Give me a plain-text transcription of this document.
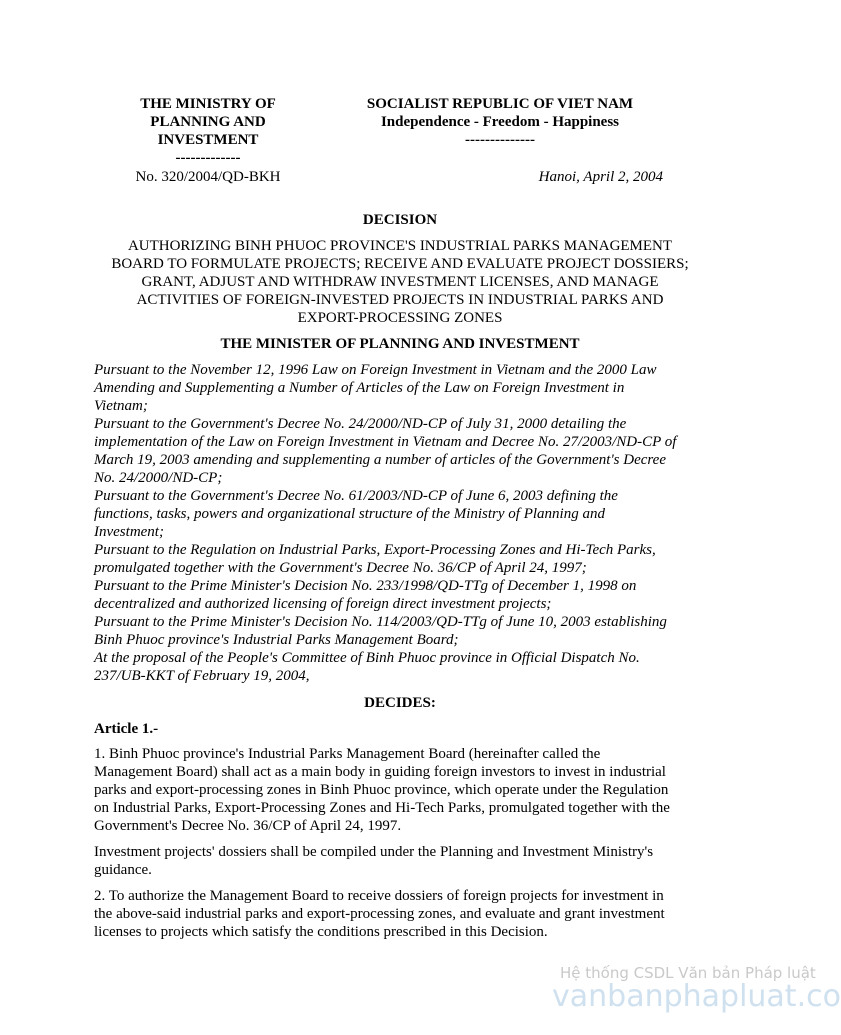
THE MINISTRY OF
PLANNING AND
INVESTMENT
-------------
SOCIALIST REPUBLIC OF VIET NAM
Independence - Freedom - Happiness
--------------
No. 320/2004/QD-BKH	Hanoi, April 2, 2004
DECISION
AUTHORIZING BINH PHUOC PROVINCE'S INDUSTRIAL PARKS MANAGEMENT
BOARD TO FORMULATE PROJECTS; RECEIVE AND EVALUATE PROJECT DOSSIERS;
GRANT, ADJUST AND WITHDRAW INVESTMENT LICENSES, AND MANAGE
ACTIVITIES OF FOREIGN-INVESTED PROJECTS IN INDUSTRIAL PARKS AND
EXPORT-PROCESSING ZONES
THE MINISTER OF PLANNING AND INVESTMENT

Pursuant to the November 12, 1996 Law on Foreign Investment in Vietnam and the 2000 Law

Amending and Supplementing a Number of Articles of the Law on Foreign Investment in

Vietnam;

Pursuant to the Government's Decree No. 24/2000/ND-CP of July 31, 2000 detailing the

implementation of the Law on Foreign Investment in Vietnam and Decree No. 27/2003/ND-CP of

March 19, 2003 amending and supplementing a number of articles of the Government's Decree

No. 24/2000/ND-CP;

Pursuant to the Government's Decree No. 61/2003/ND-CP of June 6, 2003 defining the

functions, tasks, powers and organizational structure of the Ministry of Planning and

Investment;

Pursuant to the Regulation on Industrial Parks, Export-Processing Zones and Hi-Tech Parks,

promulgated together with the Government's Decree No. 36/CP of April 24, 1997;

Pursuant to the Prime Minister's Decision No. 233/1998/QD-TTg of December 1, 1998 on

decentralized and authorized licensing of foreign direct investment projects;

Pursuant to the Prime Minister's Decision No. 114/2003/QD-TTg of June 10, 2003 establishing

Binh Phuoc province's Industrial Parks Management Board;

At the proposal of the People's Committee of Binh Phuoc province in Official Dispatch No.

237/UB-KKT of February 19, 2004,

DECIDES:
Article 1.-

1. Binh Phuoc province's Industrial Parks Management Board (hereinafter called the
Management Board) shall act as a main body in guiding foreign investors to invest in industrial
parks and export-processing zones in Binh Phuoc province, which operate under the Regulation
on Industrial Parks, Export-Processing Zones and Hi-Tech Parks, promulgated together with the
Government's Decree No. 36/CP of April 24, 1997.

Investment projects' dossiers shall be compiled under the Planning and Investment Ministry's
guidance.

2. To authorize the Management Board to receive dossiers of foreign projects for investment in
the above-said industrial parks and export-processing zones, and evaluate and grant investment
licenses to projects which satisfy the conditions prescribed in this Decision.

Hệ thống CSDL Văn bản Pháp luật
vanbanphapluat.co
